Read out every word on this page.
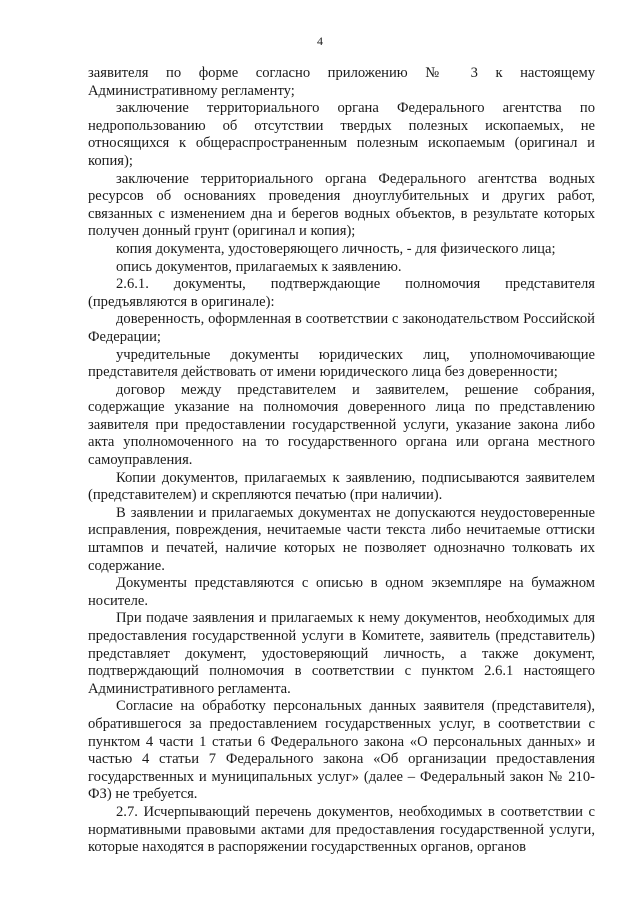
4

заявителя по форме согласно приложению № 3 к настоящему Административному регламенту;

заключение территориального органа Федерального агентства по недропользованию об отсутствии твердых полезных ископаемых, не относящихся к общераспространенным полезным ископаемым (оригинал и копия);

заключение территориального органа Федерального агентства водных ресурсов об основаниях проведения дноуглубительных и других работ, связанных с изменением дна и берегов водных объектов, в результате которых получен донный грунт (оригинал и копия);

копия документа, удостоверяющего личность, - для физического лица;

опись документов, прилагаемых к заявлению.

2.6.1. документы, подтверждающие полномочия представителя (предъявляются в оригинале):

доверенность, оформленная в соответствии с законодательством Российской Федерации;

учредительные документы юридических лиц, уполномочивающие представителя действовать от имени юридического лица без доверенности;

договор между представителем и заявителем, решение собрания, содержащие указание на полномочия доверенного лица по представлению заявителя при предоставлении государственной услуги, указание закона либо акта уполномоченного на то государственного органа или органа местного самоуправления.

Копии документов, прилагаемых к заявлению, подписываются заявителем (представителем) и скрепляются печатью (при наличии).

В заявлении и прилагаемых документах не допускаются неудостоверенные исправления, повреждения, нечитаемые части текста либо нечитаемые оттиски штампов и печатей, наличие которых не позволяет однозначно толковать их содержание.

Документы представляются с описью в одном экземпляре на бумажном носителе.

При подаче заявления и прилагаемых к нему документов, необходимых для предоставления государственной услуги в Комитете, заявитель (представитель) представляет документ, удостоверяющий личность, а также документ, подтверждающий полномочия в соответствии с пунктом 2.6.1 настоящего Административного регламента.

Согласие на обработку персональных данных заявителя (представителя), обратившегося за предоставлением государственных услуг, в соответствии с пунктом 4 части 1 статьи 6 Федерального закона «О персональных данных» и частью 4 статьи 7 Федерального закона «Об организации предоставления государственных и муниципальных услуг» (далее – Федеральный закон № 210-ФЗ) не требуется.

2.7. Исчерпывающий перечень документов, необходимых в соответствии с нормативными правовыми актами для предоставления государственной услуги, которые находятся в распоряжении государственных органов, органов
